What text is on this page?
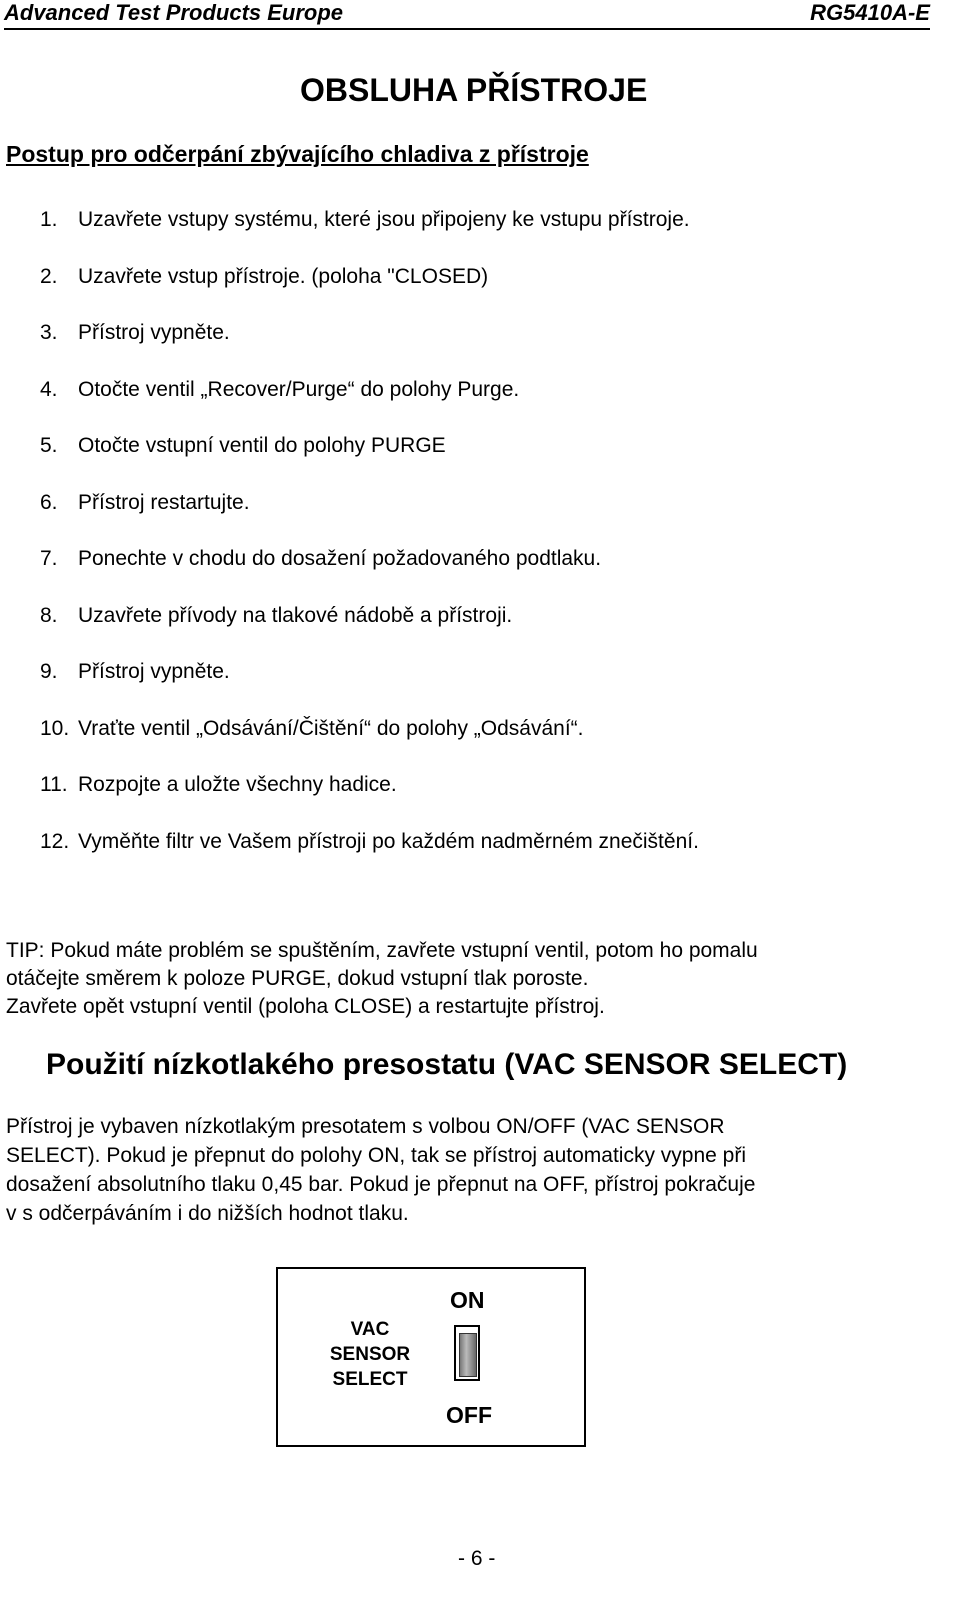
Advanced Test Products Europe	RG5410A-E
OBSLUHA PŘÍSTROJE
Postup pro odčerpání zbývajícího chladiva z přístroje
1. Uzavřete vstupy systému, které jsou připojeny ke vstupu přístroje.
2. Uzavřete vstup přístroje. (poloha "CLOSED)
3. Přístroj vypněte.
4. Otočte ventil „Recover/Purge“ do polohy Purge.
5. Otočte vstupní ventil do polohy PURGE
6. Přístroj restartujte.
7. Ponechte v chodu do dosažení požadovaného podtlaku.
8. Uzavřete přívody na tlakové nádobě a přístroji.
9. Přístroj vypněte.
10. Vraťte ventil „Odsávání/Čištění“ do polohy „Odsávání“.
11. Rozpojte a uložte všechny hadice.
12. Vyměňte filtr ve Vašem přístroji po každém nadměrném znečištění.

TIP: Pokud máte problém se spuštěním, zavřete vstupní ventil, potom ho pomalu

otáčejte směrem k poloze PURGE, dokud vstupní tlak poroste.

Zavřete opět vstupní ventil (poloha CLOSE) a restartujte přístroj.

Použití nízkotlakého presostatu (VAC SENSOR SELECT)

Přístroj je vybaven nízkotlakým presotatem s volbou ON/OFF (VAC SENSOR

SELECT). Pokud je přepnut do polohy ON, tak se přístroj automaticky vypne při

dosažení absolutního tlaku 0,45 bar. Pokud je přepnut na OFF, přístroj pokračuje

v s odčerpáváním i do nižších hodnot tlaku.

VAC
SENSOR
SELECT
ON
OFF
- 6 -
